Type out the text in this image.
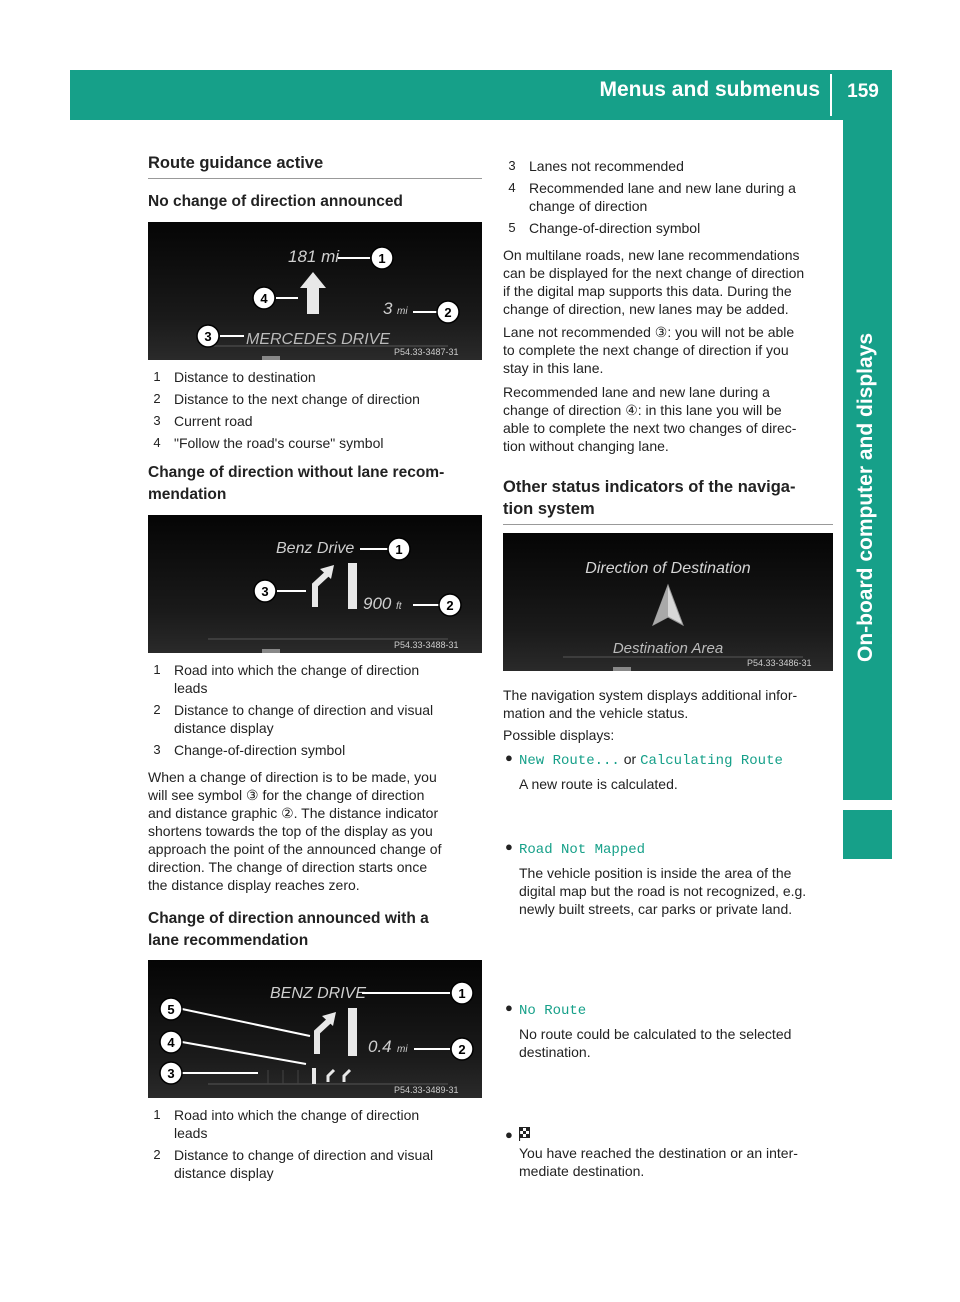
Menus and submenus	159
On-board computer and displays
Route guidance active
No change of direction announced
181 mi
3 mi
MERCEDES DRIVE
P54.33-3487-31
1
2
3
4
1 Distance to destination
2 Distance to the next change of direction
3 Current road
4 "Follow the road's course" symbol
Change of direction without lane recom-
mendation
Benz Drive
900 ft
P54.33-3488-31
1
2
3
1 Road into which the change of direction
leads
2 Distance to change of direction and visual
distance display
3 Change-of-direction symbol

When a change of direction is to be made, you

will see symbol ③ for the change of direction

and distance graphic ②. The distance indicator

shortens towards the top of the display as you

approach the point of the announced change of

direction. The change of direction starts once

the distance display reaches zero.

Change of direction announced with a
lane recommendation
BENZ DRIVE
0.4 mi
P54.33-3489-31
1
2
5
4
3
1 Road into which the change of direction
leads
2 Distance to change of direction and visual
distance display
3 Lanes not recommended
4 Recommended lane and new lane during a
change of direction
5 Change-of-direction symbol

On multilane roads, new lane recommendations

can be displayed for the next change of direction

if the digital map supports this data. During the

change of direction, new lanes may be added.

Lane not recommended ③: you will not be able

to complete the next change of direction if you

stay in this lane.

Recommended lane and new lane during a

change of direction ④: in this lane you will be

able to complete the next two changes of direc-

tion without changing lane.

Other status indicators of the naviga-
tion system
Direction of Destination
Destination Area
P54.33-3486-31

The navigation system displays additional infor-

mation and the vehicle status.

Possible displays:

● New Route... or Calculating Route

A new route is calculated.

● Road Not Mapped

The vehicle position is inside the area of the

digital map but the road is not recognized, e.g.

newly built streets, car parks or private land.

● No Route

No route could be calculated to the selected

destination.

●

You have reached the destination or an inter-

mediate destination.
